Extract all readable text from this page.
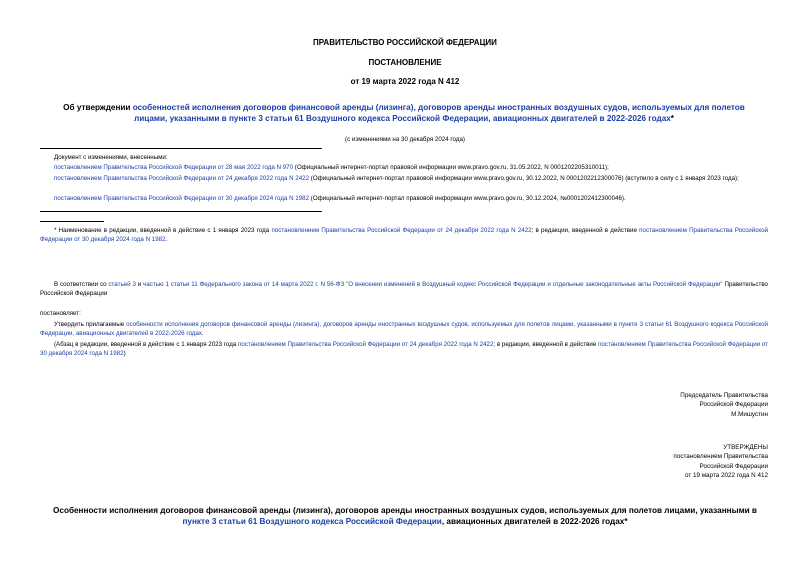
ПРАВИТЕЛЬСТВО РОССИЙСКОЙ ФЕДЕРАЦИИ
ПОСТАНОВЛЕНИЕ
от 19 марта 2022 года N 412
Об утверждении особенностей исполнения договоров финансовой аренды (лизинга), договоров аренды иностранных воздушных судов, используемых для полетов лицами, указанными в пункте 3 статьи 61 Воздушного кодекса Российской Федерации, авиационных двигателей в 2022-2026 годах*
(с изменениями на 30 декабря 2024 года)
Документ с изменениями, внесенными:
постановлением Правительства Российской Федерации от 28 мая 2022 года N 970 (Официальный интернет-портал правовой информации www.pravo.gov.ru, 31.05.2022, N 0001202205310011);
постановлением Правительства Российской Федерации от 24 декабря 2022 года N 2422 (Официальный интернет-портал правовой информации www.pravo.gov.ru, 30.12.2022, N 0001202212300076) (вступило в силу с 1 января 2023 года);
постановлением Правительства Российской Федерации от 30 декабря 2024 года N 1982 (Официальный интернет-портал правовой информации www.pravo.gov.ru, 30.12.2024, №0001202412300046).
* Наименование в редакции, введенной в действие с 1 января 2023 года постановлением Правительства Российской Федерации от 24 декабря 2022 года N 2422; в редакции, введенной в действие постановлением Правительства Российской Федерации от 30 декабря 2024 года N 1982.
В соответствии со статьей 3 и частью 1 статьи 11 Федерального закона от 14 марта 2022 г. N 56-ФЗ "О внесении изменений в Воздушный кодекс Российской Федерации и отдельные законодательные акты Российской Федерации" Правительство Российской Федерации
постановляет:
Утвердить прилагаемые особенности исполнения договоров финансовой аренды (лизинга), договоров аренды иностранных воздушных судов, используемых для полетов лицами, указанными в пункте 3 статьи 61 Воздушного кодекса Российской Федерации, авиационных двигателей в 2022-2026 годах.
(Абзац в редакции, введенной в действие с 1 января 2023 года постановлением Правительства Российской Федерации от 24 декабря 2022 года N 2422; в редакции, введенной в действие постановлением Правительства Российской Федерации от 30 декабря 2024 года N 1982)
Председатель Правительства
Российской Федерации
М.Мишустин
УТВЕРЖДЕНЫ
постановлением Правительства
Российской Федерации
от 19 марта 2022 года N 412
Особенности исполнения договоров финансовой аренды (лизинга), договоров аренды иностранных воздушных судов, используемых для полетов лицами, указанными в пункте 3 статьи 61 Воздушного кодекса Российской Федерации, авиационных двигателей в 2022-2026 годах*
